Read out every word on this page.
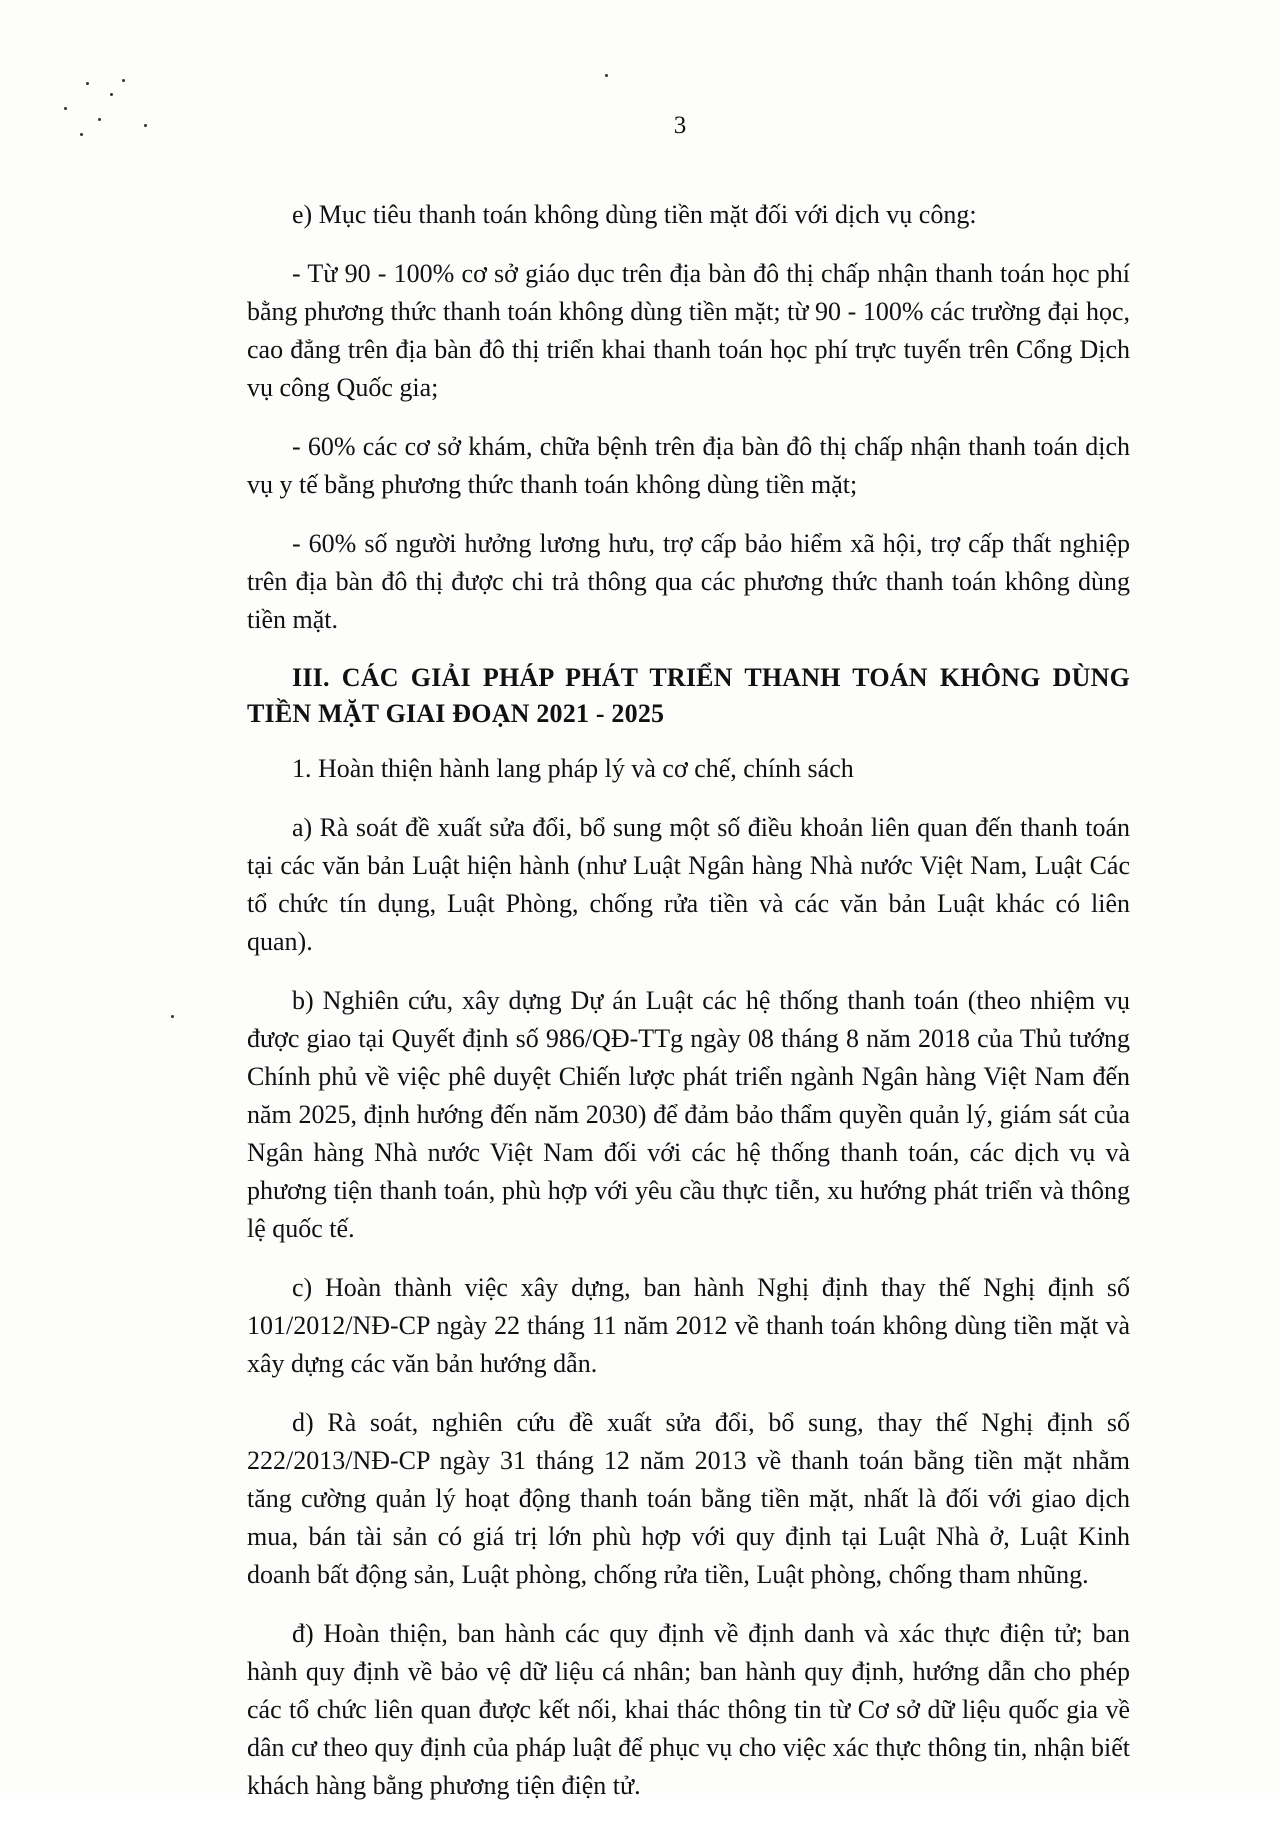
3

e) Mục tiêu thanh toán không dùng tiền mặt đối với dịch vụ công:

- Từ 90 - 100% cơ sở giáo dục trên địa bàn đô thị chấp nhận thanh toán học phí bằng phương thức thanh toán không dùng tiền mặt; từ 90 - 100% các trường đại học, cao đẳng trên địa bàn đô thị triển khai thanh toán học phí trực tuyến trên Cổng Dịch vụ công Quốc gia;

- 60% các cơ sở khám, chữa bệnh trên địa bàn đô thị chấp nhận thanh toán dịch vụ y tế bằng phương thức thanh toán không dùng tiền mặt;

- 60% số người hưởng lương hưu, trợ cấp bảo hiểm xã hội, trợ cấp thất nghiệp trên địa bàn đô thị được chi trả thông qua các phương thức thanh toán không dùng tiền mặt.

III. CÁC GIẢI PHÁP PHÁT TRIỂN THANH TOÁN KHÔNG DÙNG TIỀN MẶT GIAI ĐOẠN 2021 - 2025

1. Hoàn thiện hành lang pháp lý và cơ chế, chính sách

a) Rà soát đề xuất sửa đổi, bổ sung một số điều khoản liên quan đến thanh toán tại các văn bản Luật hiện hành (như Luật Ngân hàng Nhà nước Việt Nam, Luật Các tổ chức tín dụng, Luật Phòng, chống rửa tiền và các văn bản Luật khác có liên quan).

b) Nghiên cứu, xây dựng Dự án Luật các hệ thống thanh toán (theo nhiệm vụ được giao tại Quyết định số 986/QĐ-TTg ngày 08 tháng 8 năm 2018 của Thủ tướng Chính phủ về việc phê duyệt Chiến lược phát triển ngành Ngân hàng Việt Nam đến năm 2025, định hướng đến năm 2030) để đảm bảo thẩm quyền quản lý, giám sát của Ngân hàng Nhà nước Việt Nam đối với các hệ thống thanh toán, các dịch vụ và phương tiện thanh toán, phù hợp với yêu cầu thực tiễn, xu hướng phát triển và thông lệ quốc tế.

c) Hoàn thành việc xây dựng, ban hành Nghị định thay thế Nghị định số 101/2012/NĐ-CP ngày 22 tháng 11 năm 2012 về thanh toán không dùng tiền mặt và xây dựng các văn bản hướng dẫn.

d) Rà soát, nghiên cứu đề xuất sửa đổi, bổ sung, thay thế Nghị định số 222/2013/NĐ-CP ngày 31 tháng 12 năm 2013 về thanh toán bằng tiền mặt nhằm tăng cường quản lý hoạt động thanh toán bằng tiền mặt, nhất là đối với giao dịch mua, bán tài sản có giá trị lớn phù hợp với quy định tại Luật Nhà ở, Luật Kinh doanh bất động sản, Luật phòng, chống rửa tiền, Luật phòng, chống tham nhũng.

đ) Hoàn thiện, ban hành các quy định về định danh và xác thực điện tử; ban hành quy định về bảo vệ dữ liệu cá nhân; ban hành quy định, hướng dẫn cho phép các tổ chức liên quan được kết nối, khai thác thông tin từ Cơ sở dữ liệu quốc gia về dân cư theo quy định của pháp luật để phục vụ cho việc xác thực thông tin, nhận biết khách hàng bằng phương tiện điện tử.
